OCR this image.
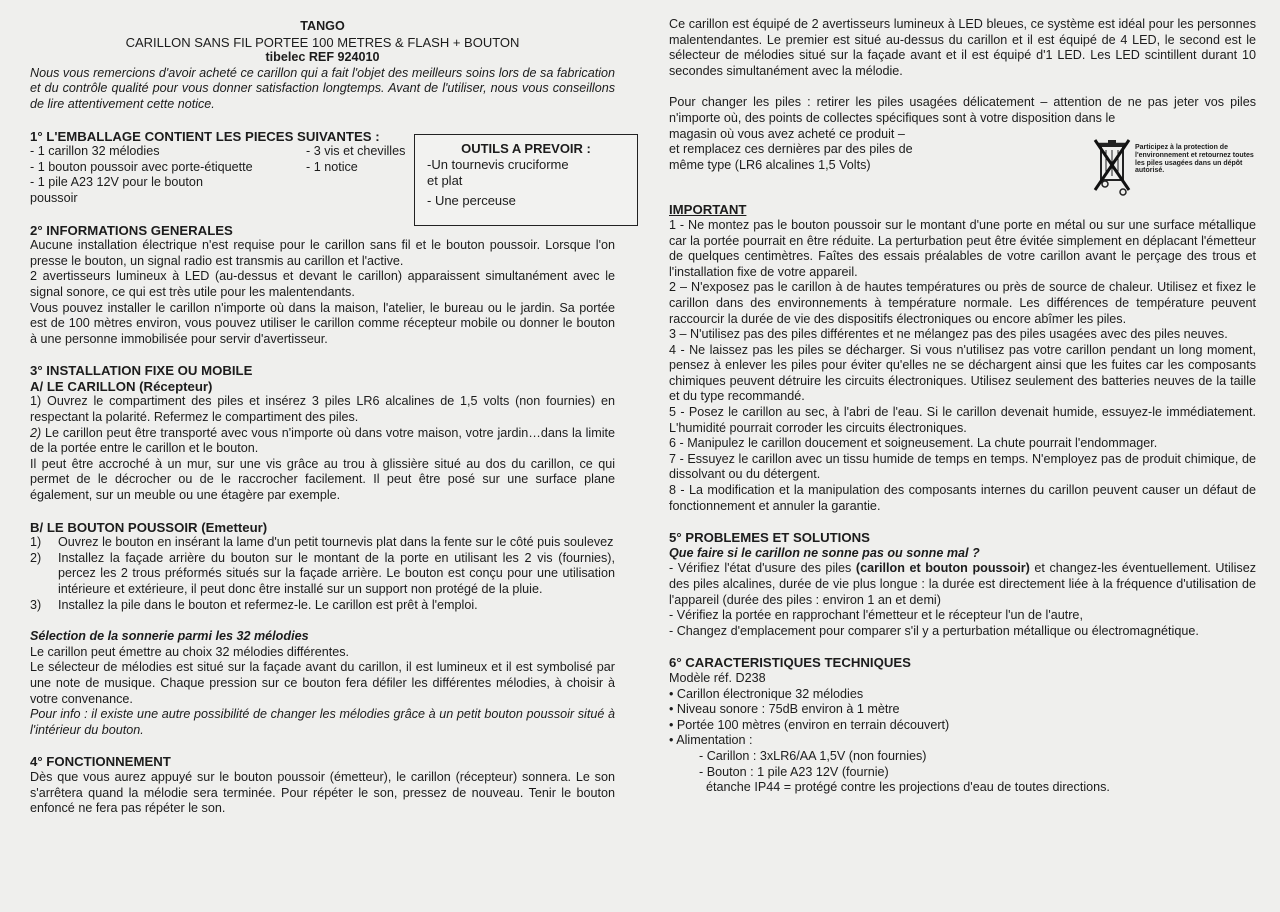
TANGO

CARILLON SANS FIL PORTEE 100 METRES & FLASH + BOUTON

tibelec REF 924010

Nous vous remercions d'avoir acheté ce carillon qui a fait l'objet des meilleurs soins lors de sa fabrication et du contrôle qualité pour vous donner satisfaction longtemps. Avant de l'utiliser, nous vous conseillons de lire attentivement cette notice.

1° L'EMBALLAGE CONTIENT LES PIECES SUIVANTES :

- 1 carillon 32 mélodies

- 1 bouton poussoir avec porte-étiquette

- 1 pile A23 12V pour le bouton

poussoir

- 3 vis et chevilles

- 1 notice

2° INFORMATIONS GENERALES

Aucune installation électrique n'est requise pour le carillon sans fil et le bouton poussoir. Lorsque l'on presse le bouton, un signal radio est transmis au carillon et l'active.

2 avertisseurs lumineux à LED (au-dessus et devant le carillon) apparaissent simultanément avec le signal sonore, ce qui est très utile pour les malentendants.

Vous pouvez installer le carillon n'importe où dans la maison, l'atelier, le bureau ou le jardin. Sa portée est de 100 mètres environ, vous pouvez utiliser le carillon comme récepteur mobile ou donner le bouton à une personne immobilisée pour servir d'avertisseur.

3° INSTALLATION FIXE OU MOBILE

A/ LE CARILLON (Récepteur)

1) Ouvrez le compartiment des piles et insérez 3 piles LR6 alcalines de 1,5 volts (non fournies) en respectant la polarité. Refermez le compartiment des piles.

2) Le carillon peut être transporté avec vous n'importe où dans votre maison, votre jardin…dans la limite de la portée entre le carillon et le bouton.

Il peut être accroché à un mur, sur une vis grâce au trou à glissière situé au dos du carillon, ce qui permet de le décrocher ou de le raccrocher facilement. Il peut être posé sur une surface plane également, sur un meuble ou une étagère par exemple.

B/ LE BOUTON POUSSOIR (Emetteur)

1)	Ouvrez le bouton en insérant la lame d'un petit tournevis plat dans la fente sur le côté puis soulevez
2)	Installez la façade arrière du bouton sur le montant de la porte en utilisant les 2 vis (fournies), percez les 2 trous préformés situés sur la façade arrière. Le bouton est conçu pour une utilisation intérieure et extérieure, il peut donc être installé sur un support non protégé de la pluie.
3)	Installez la pile dans le bouton et refermez-le. Le carillon est prêt à l'emploi.

Sélection de la sonnerie parmi les 32 mélodies

Le carillon peut émettre au choix 32 mélodies différentes.

Le sélecteur de mélodies est situé sur la façade avant du carillon, il est lumineux et il est symbolisé par une note de musique. Chaque pression sur ce bouton fera défiler les différentes mélodies, à choisir à votre convenance.

Pour info : il existe une autre possibilité de changer les mélodies grâce à un petit bouton poussoir situé à l'intérieur du bouton.

4° FONCTIONNEMENT

Dès que vous aurez appuyé sur le bouton poussoir (émetteur), le carillon (récepteur) sonnera. Le son s'arrêtera quand la mélodie sera terminée. Pour répéter le son, pressez de nouveau. Tenir le bouton enfoncé ne fera pas répéter le son.

OUTILS A PREVOIR :

-Un tournevis cruciforme

et plat

- Une perceuse

Ce carillon est équipé de 2 avertisseurs lumineux à LED bleues, ce système est idéal pour les personnes malentendantes. Le premier est situé au-dessus du carillon et il est équipé de 4 LED, le second est le sélecteur de mélodies situé sur la façade avant et il est équipé d'1 LED. Les LED scintillent durant 10 secondes simultanément avec la mélodie.

Pour changer les piles : retirer les piles usagées délicatement – attention de ne pas jeter vos piles n'importe où, des points de collectes spécifiques sont à votre disposition dans le

magasin où vous avez acheté ce produit –

et remplacez ces dernières par des piles de

même type (LR6 alcalines 1,5 Volts)

IMPORTANT

1 - Ne montez pas le bouton poussoir sur le montant d'une porte en métal ou sur une surface métallique car la portée pourrait en être réduite. La perturbation peut être évitée simplement en déplacant l'émetteur de quelques centimètres. Faîtes des essais préalables de votre carillon avant le perçage des trous et l'installation fixe de votre appareil.

2 – N'exposez pas le carillon à de hautes températures ou près de source de chaleur. Utilisez et fixez le carillon dans des environnements à température normale. Les différences de température peuvent raccourcir la durée de vie des dispositifs électroniques ou encore abîmer les piles.

3 – N'utilisez pas des piles différentes et ne mélangez pas des piles usagées avec des piles neuves.

4 - Ne laissez pas les piles se décharger. Si vous n'utilisez pas votre carillon pendant un long moment, pensez à enlever les piles pour éviter qu'elles ne se déchargent ainsi que les fuites car les composants chimiques peuvent détruire les circuits électroniques. Utilisez seulement des batteries neuves de la taille et du type recommandé.

5 - Posez le carillon au sec, à l'abri de l'eau. Si le carillon devenait humide, essuyez-le immédiatement. L'humidité pourrait corroder les circuits électroniques.

6 - Manipulez le carillon doucement et soigneusement. La chute pourrait l'endommager.

7 - Essuyez le carillon avec un tissu humide de temps en temps. N'employez pas de produit chimique, de dissolvant ou du détergent.

8 - La modification et la manipulation des composants internes du carillon peuvent causer un défaut de fonctionnement et annuler la garantie.

5° PROBLEMES ET SOLUTIONS

Que faire si le carillon ne sonne pas ou sonne mal ?

- Vérifiez l'état d'usure des piles (carillon et bouton poussoir) et changez-les éventuellement. Utilisez des piles alcalines, durée de vie plus longue : la durée est directement liée à la fréquence d'utilisation de l'appareil (durée des piles : environ 1 an et demi)

- Vérifiez la portée en rapprochant l'émetteur et le récepteur l'un de l'autre,

- Changez d'emplacement pour comparer s'il y a perturbation métallique ou électromagnétique.

6° CARACTERISTIQUES TECHNIQUES

Modèle réf. D238

• Carillon électronique 32 mélodies

• Niveau sonore : 75dB environ à 1 mètre

• Portée 100 mètres (environ en terrain découvert)

• Alimentation :

- Carillon : 3xLR6/AA 1,5V (non fournies)

- Bouton : 1 pile A23 12V (fournie)

étanche IP44 = protégé contre les projections d'eau de toutes directions.

Participez à la protection de l'environnement et retournez toutes les piles usagées dans un dépôt autorisé.
